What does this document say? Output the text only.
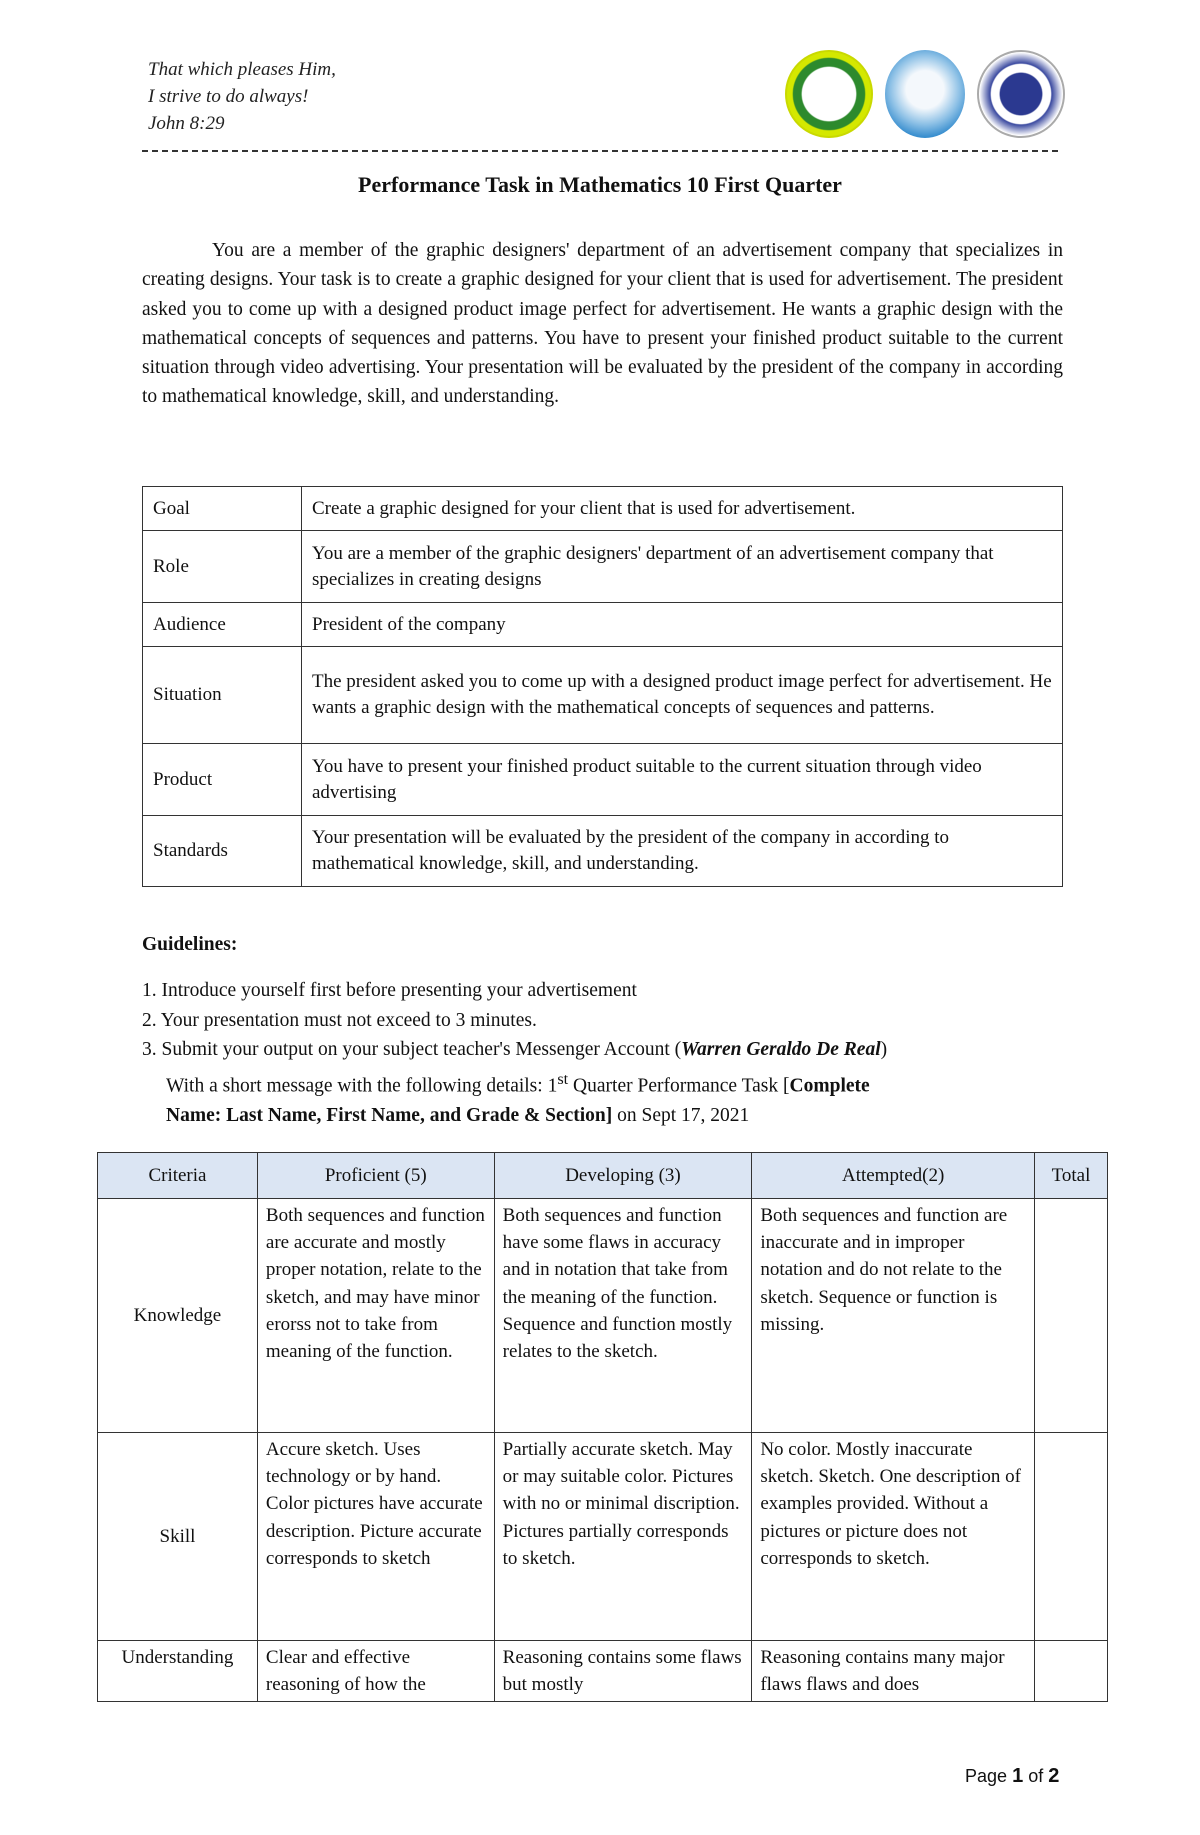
That which pleases Him,
I strive to do always!
John 8:29
Performance Task in Mathematics 10 First Quarter

You are a member of the graphic designers' department of an advertisement company that specializes in creating designs. Your task is to create a graphic designed for your client that is used for advertisement. The president asked you to come up with a designed product image perfect for advertisement. He wants a graphic design with the mathematical concepts of sequences and patterns. You have to present your finished product suitable to the current situation through video advertising. Your presentation will be evaluated by the president of the company in according to mathematical knowledge, skill, and understanding.

Goal	Create a graphic designed for your client that is used for advertisement.
Role	You are a member of the graphic designers' department of an advertisement company that specializes in creating designs
Audience	President of the company
Situation	The president asked you to come up with a designed product image perfect for advertisement. He wants a graphic design with the mathematical concepts of sequences and patterns.
Product	You have to present your finished product suitable to the current situation through video advertising
Standards	Your presentation will be evaluated by the president of the company in according to mathematical knowledge, skill, and understanding.
Guidelines:
1. Introduce yourself first before presenting your advertisement
2. Your presentation must not exceed to 3 minutes.
3. Submit your output on your subject teacher's Messenger Account (Warren Geraldo De Real)
With a short message with the following details: 1st Quarter Performance Task [Complete
Name: Last Name, First Name, and Grade & Section] on Sept 17, 2021
Criteria	Proficient (5)	Developing (3)	Attempted(2)	Total
Knowledge	Both sequences and function are accurate and mostly proper notation, relate to the sketch, and may have minor erorss not to take from meaning of the function.	Both sequences and function have some flaws in accuracy and in notation that take from the meaning of the function. Sequence and function mostly relates to the sketch.	Both sequences and function are inaccurate and in improper notation and do not relate to the sketch. Sequence or function is missing.	
Skill	Accure sketch. Uses technology or by hand. Color pictures have accurate description. Picture accurate corresponds to sketch	Partially accurate sketch. May or may suitable color. Pictures with no or minimal discription. Pictures partially corresponds to sketch.	No color. Mostly inaccurate sketch. Sketch. One description of examples provided. Without a pictures or picture does not corresponds to sketch.	
Understanding	Clear and effective reasoning of how the	Reasoning contains some flaws but mostly	Reasoning contains many major flaws flaws and does	
Page 1 of 2
